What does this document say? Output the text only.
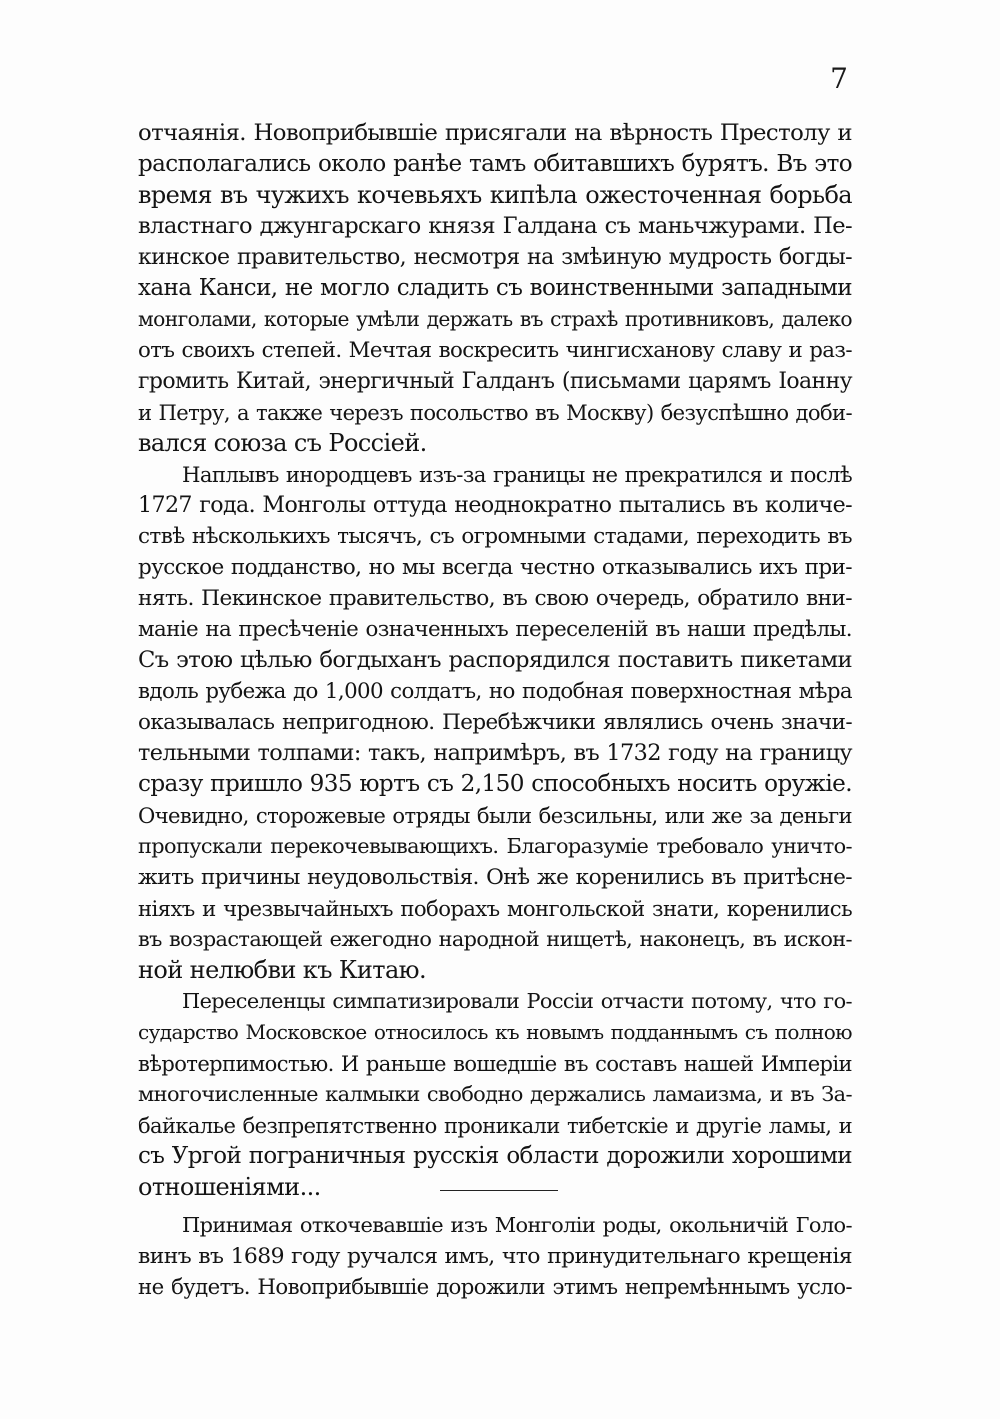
7
отчаянія. Новоприбывшіе присягали на вѣрность Престолу и
располагались около ранѣе тамъ обитавшихъ бурятъ. Въ это
время въ чужихъ кочевьяхъ кипѣла ожесточенная борьба
властнаго джунгарскаго князя Галдана съ маньчжурами. Пе-
кинское правительство, несмотря на змѣиную мудрость богды-
хана Канси, не могло сладить съ воинственными западными
монголами, которые умѣли держать въ страхѣ противниковъ, далеко
отъ своихъ степей. Мечтая воскресить чингисханову славу и раз-
громить Китай, энергичный Галданъ (письмами царямъ Іоанну
и Петру, а также черезъ посольство въ Москву) безуспѣшно доби-
вался союза съ Россіей.
Наплывъ инородцевъ изъ-за границы не прекратился и послѣ
1727 года. Монголы оттуда неоднократно пытались въ количе-
ствѣ нѣсколькихъ тысячъ, съ огромными стадами, переходить въ
русское подданство, но мы всегда честно отказывались ихъ при-
нять. Пекинское правительство, въ свою очередь, обратило вни-
маніе на пресѣченіе означенныхъ переселеній въ наши предѣлы.
Съ этою цѣлью богдыханъ распорядился поставить пикетами
вдоль рубежа до 1,000 солдатъ, но подобная поверхностная мѣра
оказывалась непригодною. Перебѣжчики являлись очень значи-
тельными толпами: такъ, напримѣръ, въ 1732 году на границу
сразу пришло 935 юртъ съ 2,150 способныхъ носить оружіе.
Очевидно, сторожевые отряды были безсильны, или же за деньги
пропускали перекочевывающихъ. Благоразуміе требовало уничто-
жить причины неудовольствія. Онѣ же коренились въ притѣсне-
ніяхъ и чрезвычайныхъ поборахъ монгольской знати, коренились
въ возрастающей ежегодно народной нищетѣ, наконецъ, въ искон-
ной нелюбви къ Китаю.
Переселенцы симпатизировали Россіи отчасти потому, что го-
сударство Московское относилось къ новымъ подданнымъ съ полною
вѣротерпимостью. И раньше вошедшіе въ составъ нашей Имперіи
многочисленные калмыки свободно держались ламаизма, и въ За-
байкалье безпрепятственно проникали тибетскіе и другіе ламы, и
съ Ургой пограничныя русскія области дорожили хорошими
отношеніями...
Принимая откочевавшіе изъ Монголіи роды, окольничій Голо-
винъ въ 1689 году ручался имъ, что принудительнаго крещенія
не будетъ. Новоприбывшіе дорожили этимъ непремѣннымъ усло-
